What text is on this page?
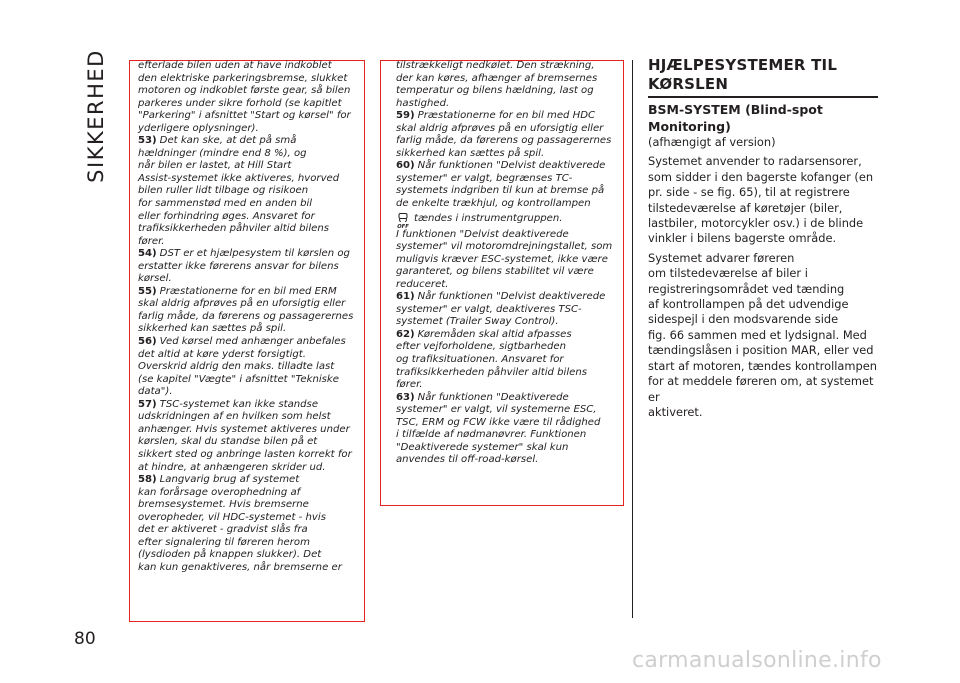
SIKKERHED
80

efterlade bilen uden at have indkoblet
den elektriske parkeringsbremse, slukket
motoren og indkoblet første gear, så bilen
parkeres under sikre forhold (se kapitlet
"Parkering" i afsnittet "Start og kørsel" for
yderligere oplysninger).

53) Det kan ske, at det på små
hældninger (mindre end 8 %), og
når bilen er lastet, at Hill Start
Assist-systemet ikke aktiveres, hvorved
bilen ruller lidt tilbage og risikoen
for sammenstød med en anden bil
eller forhindring øges. Ansvaret for
trafiksikkerheden påhviler altid bilens
fører.

54) DST er et hjælpesystem til kørslen og
erstatter ikke førerens ansvar for bilens
kørsel.

55) Præstationerne for en bil med ERM
skal aldrig afprøves på en uforsigtig eller
farlig måde, da førerens og passagerernes
sikkerhed kan sættes på spil.

56) Ved kørsel med anhænger anbefales
det altid at køre yderst forsigtigt.
Overskrid aldrig den maks. tilladte last
(se kapitel "Vægte" i afsnittet "Tekniske
data").

57) TSC-systemet kan ikke standse
udskridningen af en hvilken som helst
anhænger. Hvis systemet aktiveres under
kørslen, skal du standse bilen på et
sikkert sted og anbringe lasten korrekt for
at hindre, at anhængeren skrider ud.

58) Langvarig brug af systemet
kan forårsage overophedning af
bremsesystemet. Hvis bremserne
overopheder, vil HDC-systemet - hvis
det er aktiveret - gradvist slås fra
efter signalering til føreren herom
(lysdioden på knappen slukker). Det
kan kun genaktiveres, når bremserne er

tilstrækkeligt nedkølet. Den strækning,
der kan køres, afhænger af bremsernes
temperatur og bilens hældning, last og
hastighed.

59) Præstationerne for en bil med HDC
skal aldrig afprøves på en uforsigtig eller
farlig måde, da førerens og passagerernes
sikkerhed kan sættes på spil.

60) Når funktionen "Delvist deaktiverede
systemer" er valgt, begrænses TC-
systemets indgriben til kun at bremse på
de enkelte trækhjul, og kontrollampen

OFF
tændes i instrumentgruppen.

I funktionen "Delvist deaktiverede
systemer" vil motoromdrejningstallet, som
muligvis kræver ESC-systemet, ikke være
garanteret, og bilens stabilitet vil være
reduceret.

61) Når funktionen "Delvist deaktiverede
systemer" er valgt, deaktiveres TSC-
systemet (Trailer Sway Control).

62) Køremåden skal altid afpasses
efter vejforholdene, sigtbarheden
og trafiksituationen. Ansvaret for
trafiksikkerheden påhviler altid bilens
fører.

63) Når funktionen "Deaktiverede
systemer" er valgt, vil systemerne ESC,
TSC, ERM og FCW ikke være til rådighed
i tilfælde af nødmanøvrer. Funktionen
"Deaktiverede systemer" skal kun
anvendes til off-road-kørsel.

HJÆLPESYSTEMER TIL
KØRSLEN
BSM-SYSTEM (Blind-spot
Monitoring)

(afhængigt af version)

Systemet anvender to radarsensorer,
som sidder i den bagerste kofanger (en
pr. side - se fig. 65), til at registrere
tilstedeværelse af køretøjer (biler,
lastbiler, motorcykler osv.) i de blinde
vinkler i bilens bagerste område.

Systemet advarer føreren
om tilstedeværelse af biler i
registreringsområdet ved tænding
af kontrollampen på det udvendige
sidespejl i den modsvarende side
fig. 66 sammen med et lydsignal. Med
tændingslåsen i position MAR, eller ved
start af motoren, tændes kontrollampen
for at meddele føreren om, at systemet er
aktiveret.

carmanualsonline.info
